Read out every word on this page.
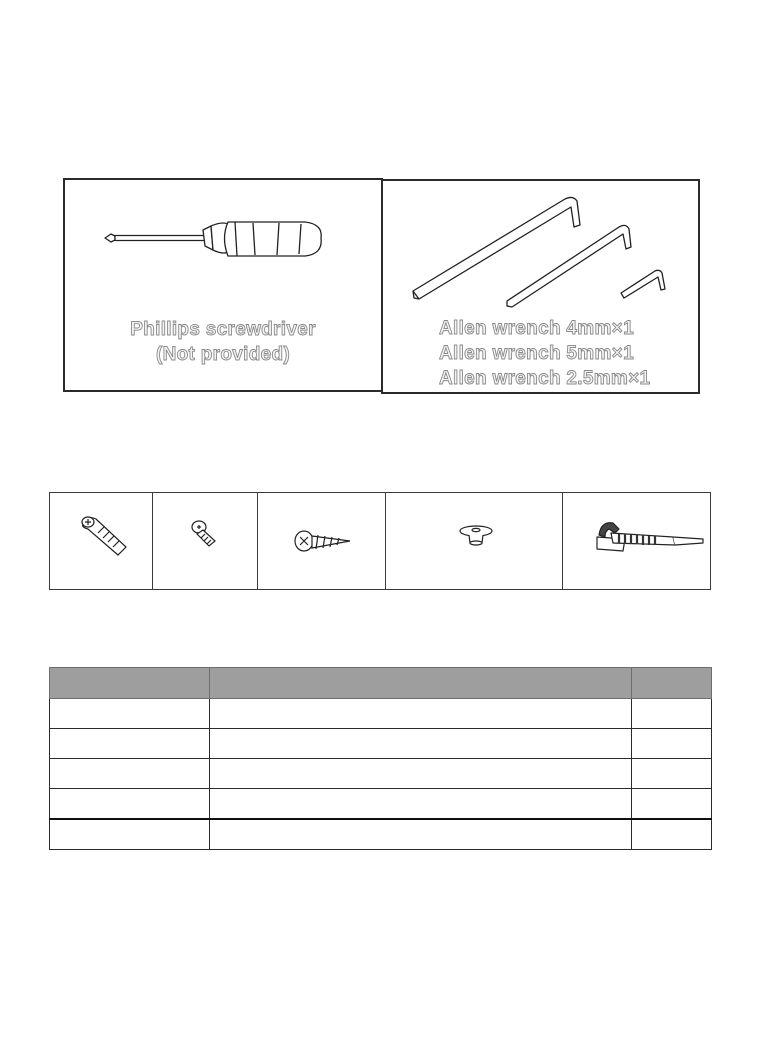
Phillips screwdriver
(Not provided)
Allen wrench 4mm×1
Allen wrench 5mm×1
Allen wrench 2.5mm×1
